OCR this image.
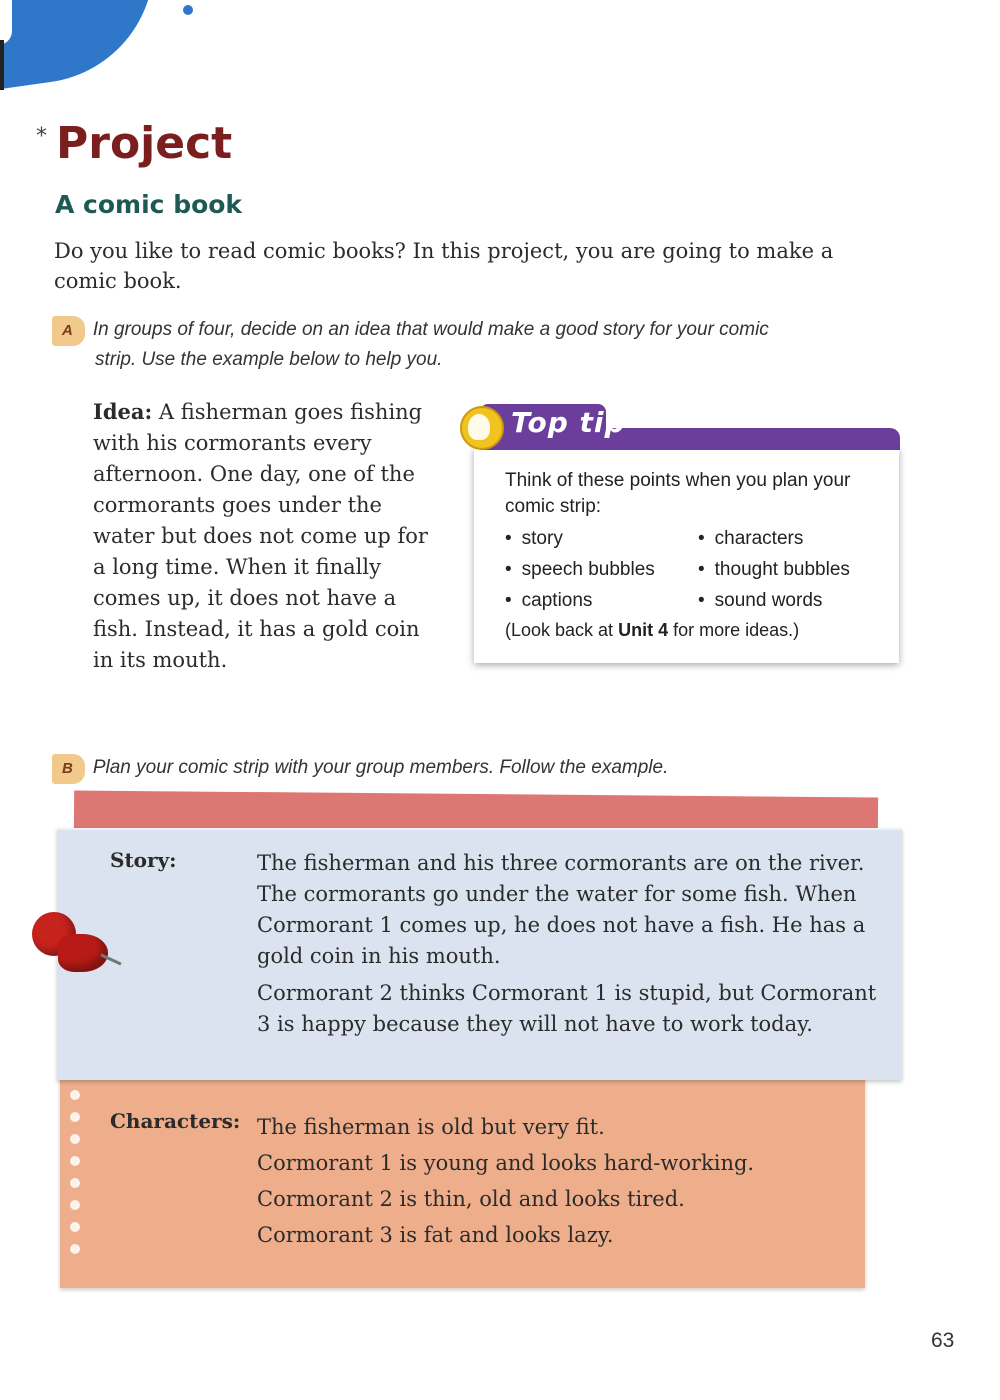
* Project
A comic book

Do you like to read comic books? In this project, you are going to make a comic book.

A In groups of four, decide on an idea that would make a good story for your comic
strip. Use the example below to help you.

Idea: A fisherman goes fishing with his cormorants every afternoon. One day, one of the cormorants goes under the water but does not come up for a long time. When it finally comes up, it does not have a fish. Instead, it has a gold coin in its mouth.

Top tip

Think of these points when you plan your comic strip:

• story	• characters
• speech bubbles	• thought bubbles
• captions	• sound words

(Look back at Unit 4 for more ideas.)

B Plan your comic strip with your group members. Follow the example.

Story:	The fisherman and his three cormorants are on the river. The cormorants go under the water for some fish. When Cormorant 1 comes up, he does not have a fish. He has a gold coin in his mouth.

Cormorant 2 thinks Cormorant 1 is stupid, but Cormorant 3 is happy because they will not have to work today.

Characters: The fisherman is old but very fit.

Cormorant 1 is young and looks hard-working.

Cormorant 2 is thin, old and looks tired.

Cormorant 3 is fat and looks lazy.

63
